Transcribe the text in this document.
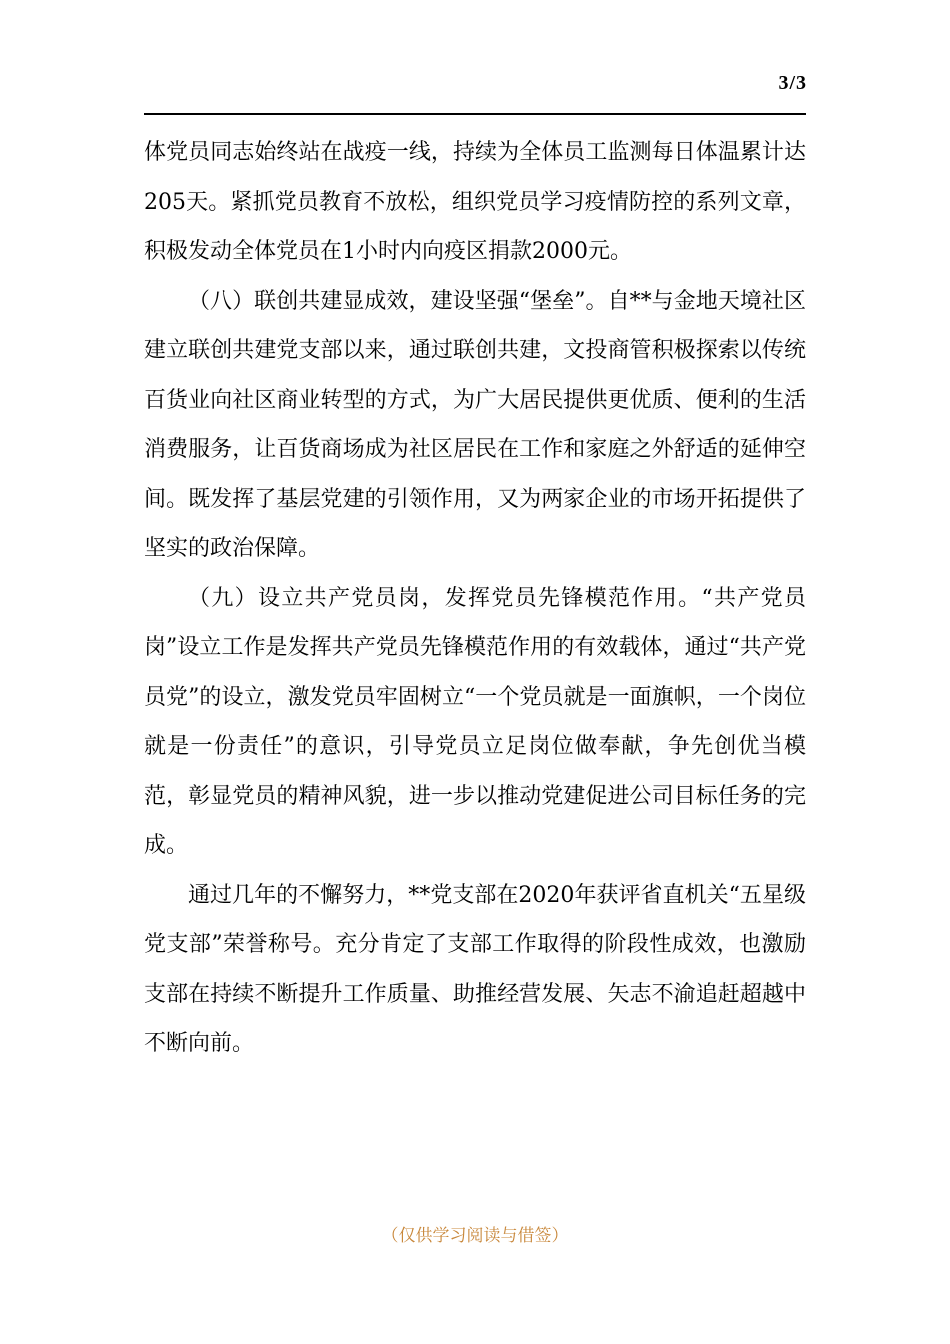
3/3

体党员同志始终站在战疫一线，持续为全体员工监测每日体温累计达205天。紧抓党员教育不放松，组织党员学习疫情防控的系列文章，积极发动全体党员在1小时内向疫区捐款2000元。

（八）联创共建显成效，建设坚强“堡垒”。自**与金地天境社区建立联创共建党支部以来，通过联创共建，文投商管积极探索以传统百货业向社区商业转型的方式，为广大居民提供更优质、便利的生活消费服务，让百货商场成为社区居民在工作和家庭之外舒适的延伸空间。既发挥了基层党建的引领作用，又为两家企业的市场开拓提供了坚实的政治保障。

（九）设立共产党员岗，发挥党员先锋模范作用。“共产党员岗”设立工作是发挥共产党员先锋模范作用的有效载体，通过“共产党员党”的设立，激发党员牢固树立“一个党员就是一面旗帜，一个岗位就是一份责任”的意识，引导党员立足岗位做奉献，争先创优当模范，彰显党员的精神风貌，进一步以推动党建促进公司目标任务的完成。

通过几年的不懈努力，**党支部在2020年获评省直机关“五星级党支部”荣誉称号。充分肯定了支部工作取得的阶段性成效，也激励支部在持续不断提升工作质量、助推经营发展、矢志不渝追赶超越中不断向前。

（仅供学习阅读与借签）
